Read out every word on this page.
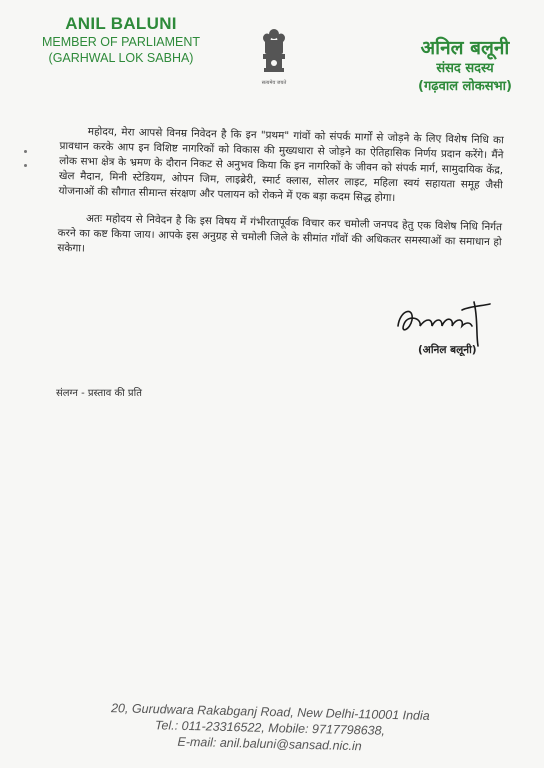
ANIL BALUNI
MEMBER OF PARLIAMENT
(GARHWAL LOK SABHA)
सत्यमेव जयते
अनिल बलूनी
संसद सदस्य
(गढ़वाल लोकसभा)

महोदय, मेरा आपसे विनम्र निवेदन है कि इन "प्रथम" गांवों को संपर्क मार्गों से जोड़ने के लिए विशेष निधि का प्रावधान करके आप इन विशिष्ट नागरिकों को विकास की मुख्यधारा से जोड़ने का ऐतिहासिक निर्णय प्रदान करेंगे। मैंने लोक सभा क्षेत्र के भ्रमण के दौरान निकट से अनुभव किया कि इन नागरिकों के जीवन को संपर्क मार्ग, सामुदायिक केंद्र, खेल मैदान, मिनी स्टेडियम, ओपन जिम, लाइब्रेरी, स्मार्ट क्लास, सोलर लाइट, महिला स्वयं सहायता समूह जैसी योजनाओं की सौगात सीमान्त संरक्षण और पलायन को रोकने में एक बड़ा कदम सिद्ध होगा।

अतः महोदय से निवेदन है कि इस विषय में गंभीरतापूर्वक विचार कर चमोली जनपद हेतु एक विशेष निधि निर्गत करने का कष्ट किया जाय। आपके इस अनुग्रह से चमोली जिले के सीमांत गाँवों की अधिकतर समस्याओं का समाधान हो सकेगा।

(अनिल बलूनी)
संलग्न - प्रस्ताव की प्रति
20, Gurudwara Rakabganj Road, New Delhi-110001 India
Tel.: 011-23316522, Mobile: 9717798638,
E-mail: anil.baluni@sansad.nic.in
